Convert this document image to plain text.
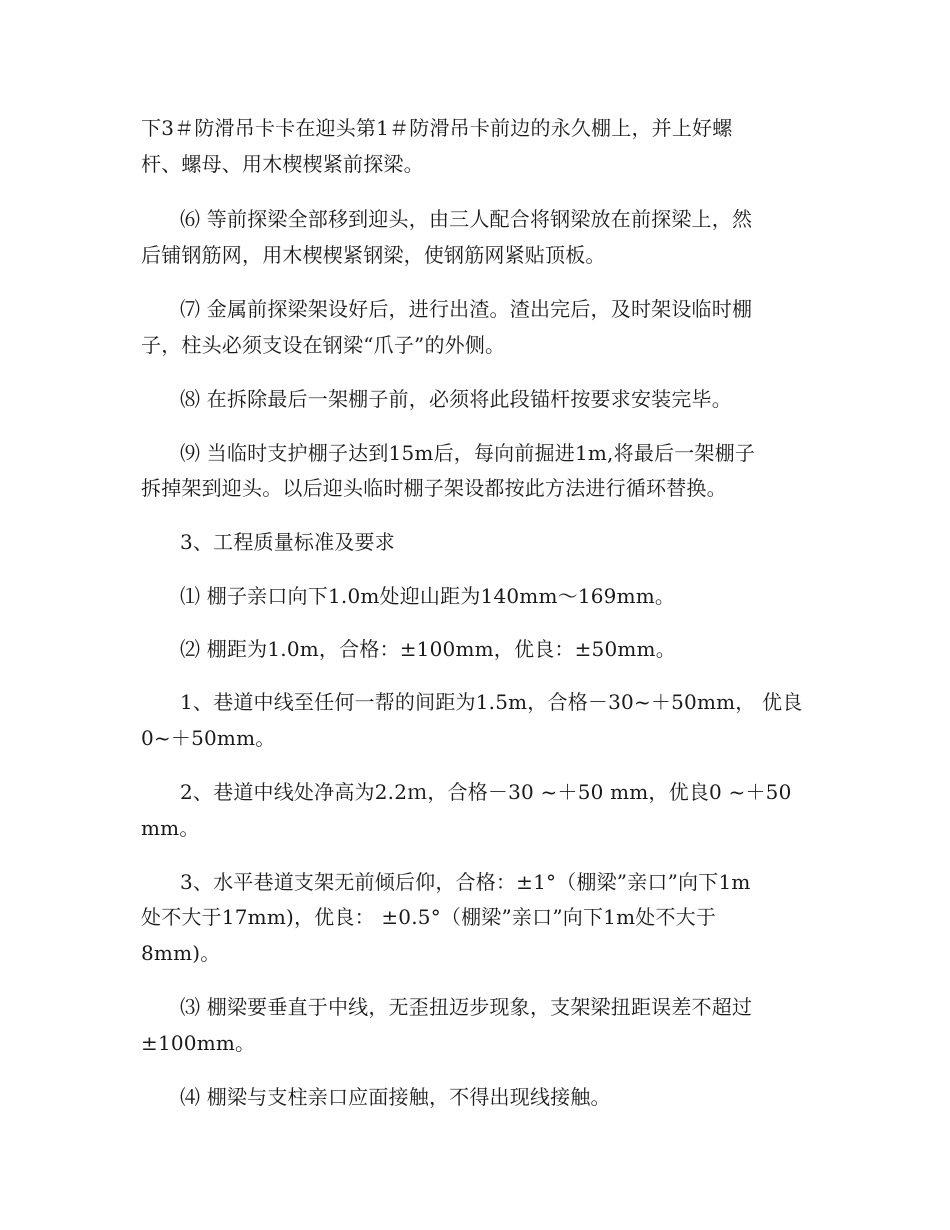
下3＃防滑吊卡卡在迎头第1＃防滑吊卡前边的永久棚上，并上好螺
杆、螺母、用木楔楔紧前探梁。
⑹ 等前探梁全部移到迎头，由三人配合将钢梁放在前探梁上，然
后铺钢筋网，用木楔楔紧钢梁，使钢筋网紧贴顶板。
⑺ 金属前探梁架设好后，进行出渣。渣出完后，及时架设临时棚
子，柱头必须支设在钢梁“爪子”的外侧。
⑻ 在拆除最后一架棚子前，必须将此段锚杆按要求安装完毕。
⑼ 当临时支护棚子达到15m后，每向前掘进1m,将最后一架棚子
拆掉架到迎头。以后迎头临时棚子架设都按此方法进行循环替换。
3、工程质量标准及要求
⑴ 棚子亲口向下1.0m处迎山距为140mm～169mm。
⑵ 棚距为1.0m，合格：±100mm，优良：±50mm。
1、巷道中线至任何一帮的间距为1.5m，合格－30~＋50mm， 优良
0~＋50mm。
2、巷道中线处净高为2.2ｍ，合格－30 ~＋50 mm，优良0 ~＋50
mm。
3、水平巷道支架无前倾后仰，合格：±1°（棚梁”亲口”向下1m
处不大于17mm)，优良： ±0.5°（棚梁”亲口”向下1m处不大于
8mm)。
⑶ 棚梁要垂直于中线，无歪扭迈步现象，支架梁扭距误差不超过
±100mm。
⑷ 棚梁与支柱亲口应面接触，不得出现线接触。
